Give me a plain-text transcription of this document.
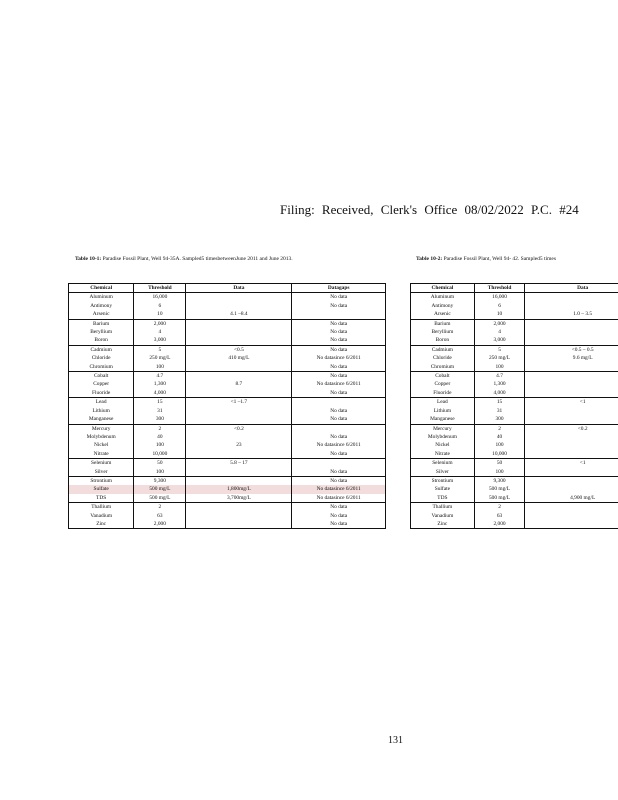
Filing: Received, Clerk's Office 08/02/2022 P.C. #24
Table 10-1: Paradise Fossil Plant, Well 94-35A. Sampled5 timesbetweenJune 2011 and June 2013.
Chemical	Threshold	Data	Datagaps
Aluminum	16,000		No data
Antimony	6		No data
Arsenic	10	4.1 –8.4	
Barium	2,000		No data
Beryllium	4		No data
Boron	3,000		No data
Cadmium	5	<0.5	No data
Chloride	250 mg/L	410 mg/L	No datasince 6/2011
Chromium	100		No data
Cobalt	4.7		No data
Copper	1,300	8.7	No datasince 6/2011
Fluoride	4,000		No data
Lead	15	<1 –1.7	
Lithium	31		No data
Manganese	300		No data
Mercury	2	<0.2	
Molybdenum	40		No data
Nickel	100	23	No datasince 6/2011
Nitrate	10,000		No data
Selenium	50	5.8 – 17	
Silver	100		No data
Strontium	9,300		No data
Sulfate	500 mg/L	1,800mg/L	No datasince 6/2011
TDS	500 mg/L	3,700mg/L	No datasince 6/2011
Thallium	2		No data
Vanadium	63		No data
Zinc	2,000		No data
Table 10-2: Paradise Fossil Plant, Well 94- 42. Sampled5 times
Chemical	Threshold	Data
Aluminum	16,000	
Antimony	6	
Arsenic	10	1.0 – 3.5
Barium	2,000	
Beryllium	4	
Boron	3,000	
Cadmium	5	<0.5 – 0.5
Chloride	250 mg/L	9.6 mg/L
Chromium	100	
Cobalt	4.7	
Copper	1,300	
Fluoride	4,000	
Lead	15	<1
Lithium	31	
Manganese	300	
Mercury	2	<0.2
Molybdenum	40	
Nickel	100	
Nitrate	10,000	
Selenium	50	<1
Silver	100	
Strontium	9,300	
Sulfate	500 mg/L	
TDS	500 mg/L	4,900 mg/L
Thallium	2	
Vanadium	63	
Zinc	2,000	
131
